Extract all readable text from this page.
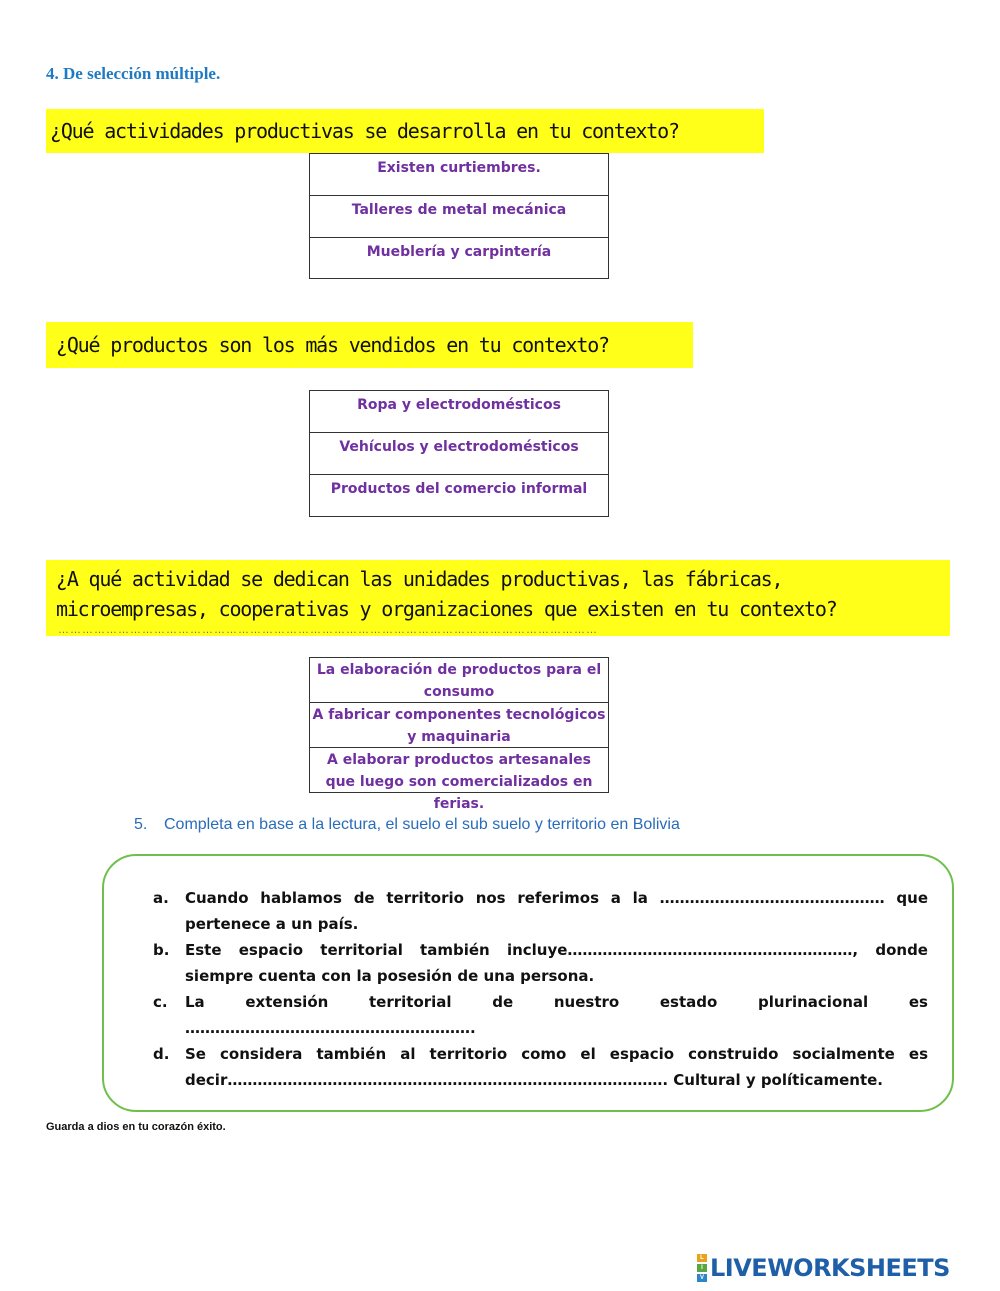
4. De selección múltiple.
¿Qué actividades productivas se desarrolla en tu contexto?
Existen curtiembres.
Talleres de metal mecánica
Mueblería y carpintería
¿Qué productos son los más vendidos en tu contexto?
Ropa y electrodomésticos
Vehículos y electrodomésticos
Productos del comercio informal
¿A qué actividad se dedican las unidades productivas, las fábricas,
microempresas, cooperativas y organizaciones que existen en tu contexto?
………………………………………………………………………………………………………………………
La elaboración de productos para el consumo
A fabricar componentes tecnológicos y maquinaria
A elaborar productos artesanales que luego son comercializados en ferias.
5. Completa en base a la lectura, el suelo el sub suelo y territorio en Bolivia
a.	Cuando hablamos de territorio nos referimos a la ……………………………………… que pertenece a un país.
b.	Este espacio territorial también incluye…………………………………………………, donde siempre cuenta con la posesión de una persona.
c.	La extensión territorial de nuestro estado plurinacional es ………………………………………………….
d.	Se considera también al territorio como el espacio construido socialmente es decir……………………………………………………………………………. Cultural y políticamente.
Guarda a dios en tu corazón éxito.
L
I
V LIVEWORKSHEETS
